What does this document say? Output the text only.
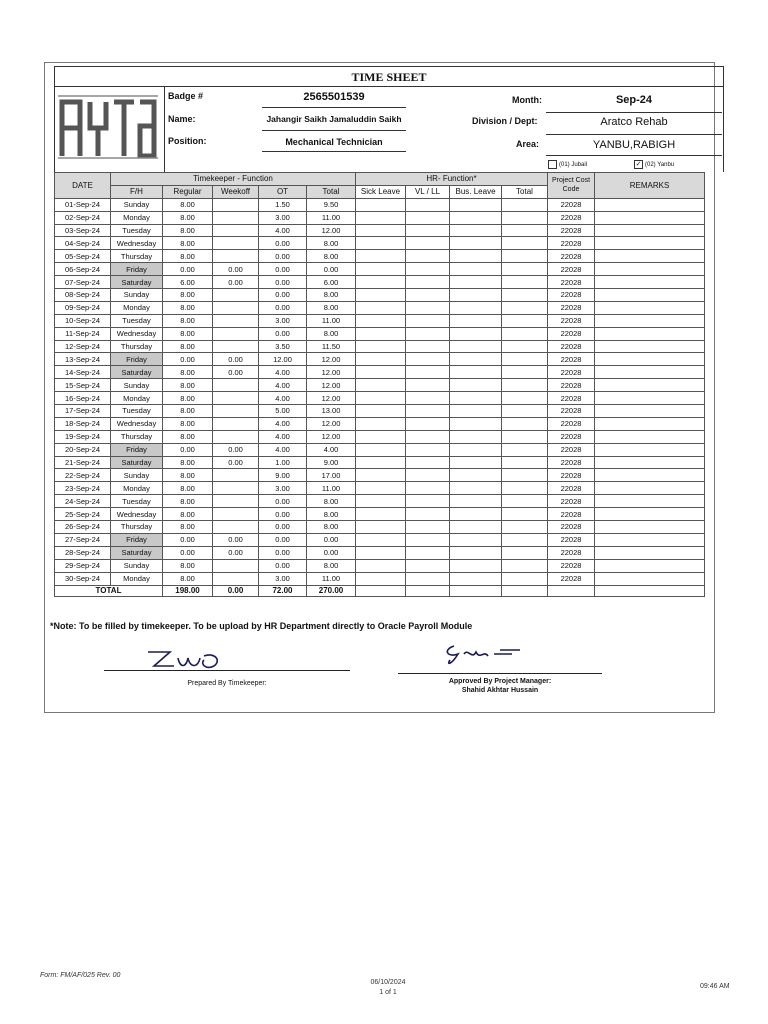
TIME SHEET
Badge #	2565501539
Name:	Jahangir Saikh Jamaluddin Saikh
Position:	Mechanical Technician
Month:	Sep-24
Division / Dept:	Aratco Rehab
Area:	YANBU,RABIGH
(01) Jubail	✓ (02) Yanbu
DATE	Timekeeper - Function					HR- Function*				Project Cost Code	REMARKS
	F/H	Regular	Weekoff	OT	Total	Sick Leave	VL / LL	Bus. Leave	Total		
01-Sep-24	Sunday	8.00		1.50	9.50					22028	
02-Sep-24	Monday	8.00		3.00	11.00					22028	
03-Sep-24	Tuesday	8.00		4.00	12.00					22028	
04-Sep-24	Wednesday	8.00		0.00	8.00					22028	
05-Sep-24	Thursday	8.00		0.00	8.00					22028	
06-Sep-24	Friday	0.00	0.00	0.00	0.00					22028	
07-Sep-24	Saturday	6.00	0.00	0.00	6.00					22028	
08-Sep-24	Sunday	8.00		0.00	8.00					22028	
09-Sep-24	Monday	8.00		0.00	8.00					22028	
10-Sep-24	Tuesday	8.00		3.00	11.00					22028	
11-Sep-24	Wednesday	8.00		0.00	8.00					22028	
12-Sep-24	Thursday	8.00		3.50	11.50					22028	
13-Sep-24	Friday	0.00	0.00	12.00	12.00					22028	
14-Sep-24	Saturday	8.00	0.00	4.00	12.00					22028	
15-Sep-24	Sunday	8.00		4.00	12.00					22028	
16-Sep-24	Monday	8.00		4.00	12.00					22028	
17-Sep-24	Tuesday	8.00		5.00	13.00					22028	
18-Sep-24	Wednesday	8.00		4.00	12.00					22028	
19-Sep-24	Thursday	8.00		4.00	12.00					22028	
20-Sep-24	Friday	0.00	0.00	4.00	4.00					22028	
21-Sep-24	Saturday	8.00	0.00	1.00	9.00					22028	
22-Sep-24	Sunday	8.00		9.00	17.00					22028	
23-Sep-24	Monday	8.00		3.00	11.00					22028	
24-Sep-24	Tuesday	8.00		0.00	8.00					22028	
25-Sep-24	Wednesday	8.00		0.00	8.00					22028	
26-Sep-24	Thursday	8.00		0.00	8.00					22028	
27-Sep-24	Friday	0.00	0.00	0.00	0.00					22028	
28-Sep-24	Saturday	0.00	0.00	0.00	0.00					22028	
29-Sep-24	Sunday	8.00		0.00	8.00					22028	
30-Sep-24	Monday	8.00		3.00	11.00					22028	
TOTAL		198.00	0.00	72.00	270.00						
*Note: To be filled by timekeeper. To be upload by HR Department directly to Oracle Payroll Module
Prepared By Timekeeper:	Approved By Project Manager:
Shahid Akhtar Hussain
Form: FM/AF/025 Rev. 00
06/10/2024
1 of 1
09:46 AM
